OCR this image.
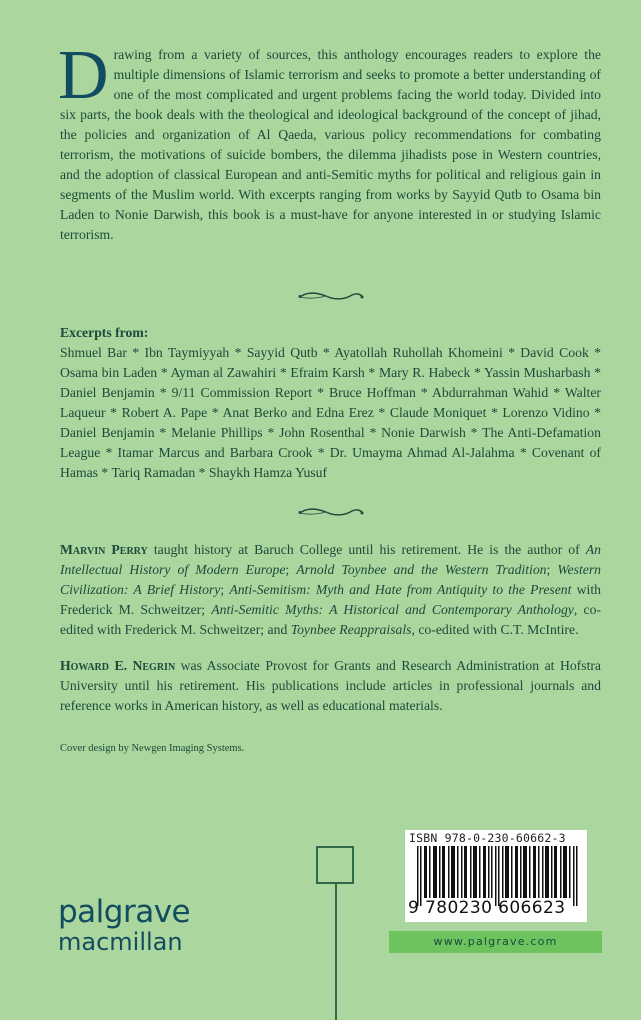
Drawing from a variety of sources, this anthology encourages readers to explore the multiple dimensions of Islamic terrorism and seeks to promote a better understanding of one of the most complicated and urgent problems facing the world today. Divided into six parts, the book deals with the theological and ideological background of the concept of jihad, the policies and organization of Al Qaeda, various policy recommendations for combating terrorism, the motivations of suicide bombers, the dilemma jihadists pose in Western countries, and the adoption of classical European and anti-Semitic myths for political and religious gain in segments of the Muslim world. With excerpts ranging from works by Sayyid Qutb to Osama bin Laden to Nonie Darwish, this book is a must-have for anyone interested in or studying Islamic terrorism.
Excerpts from:
Shmuel Bar * Ibn Taymiyyah * Sayyid Qutb * Ayatollah Ruhollah Khomeini * David Cook * Osama bin Laden * Ayman al Zawahiri * Efraim Karsh * Mary R. Habeck * Yassin Musharbash * Daniel Benjamin * 9/11 Commission Report * Bruce Hoffman * Abdurrahman Wahid * Walter Laqueur * Robert A. Pape * Anat Berko and Edna Erez * Claude Moniquet * Lorenzo Vidino * Daniel Benjamin * Melanie Phillips * John Rosenthal * Nonie Darwish * The Anti-Defamation League * Itamar Marcus and Barbara Crook * Dr. Umayma Ahmad Al-Jalahma * Covenant of Hamas * Tariq Ramadan * Shaykh Hamza Yusuf
Marvin Perry taught history at Baruch College until his retirement. He is the author of An Intellectual History of Modern Europe; Arnold Toynbee and the Western Tradition; Western Civilization: A Brief History; Anti-Semitism: Myth and Hate from Antiquity to the Present with Frederick M. Schweitzer; Anti-Semitic Myths: A Historical and Contemporary Anthology, co-edited with Frederick M. Schweitzer; and Toynbee Reappraisals, co-edited with C.T. McIntire.
Howard E. Negrin was Associate Provost for Grants and Research Administration at Hofstra University until his retirement. His publications include articles in professional journals and reference works in American history, as well as educational materials.
Cover design by Newgen Imaging Systems.
palgrave
macmillan
ISBN 978-0-230-60662-3
9 780230 606623
www.palgrave.com
